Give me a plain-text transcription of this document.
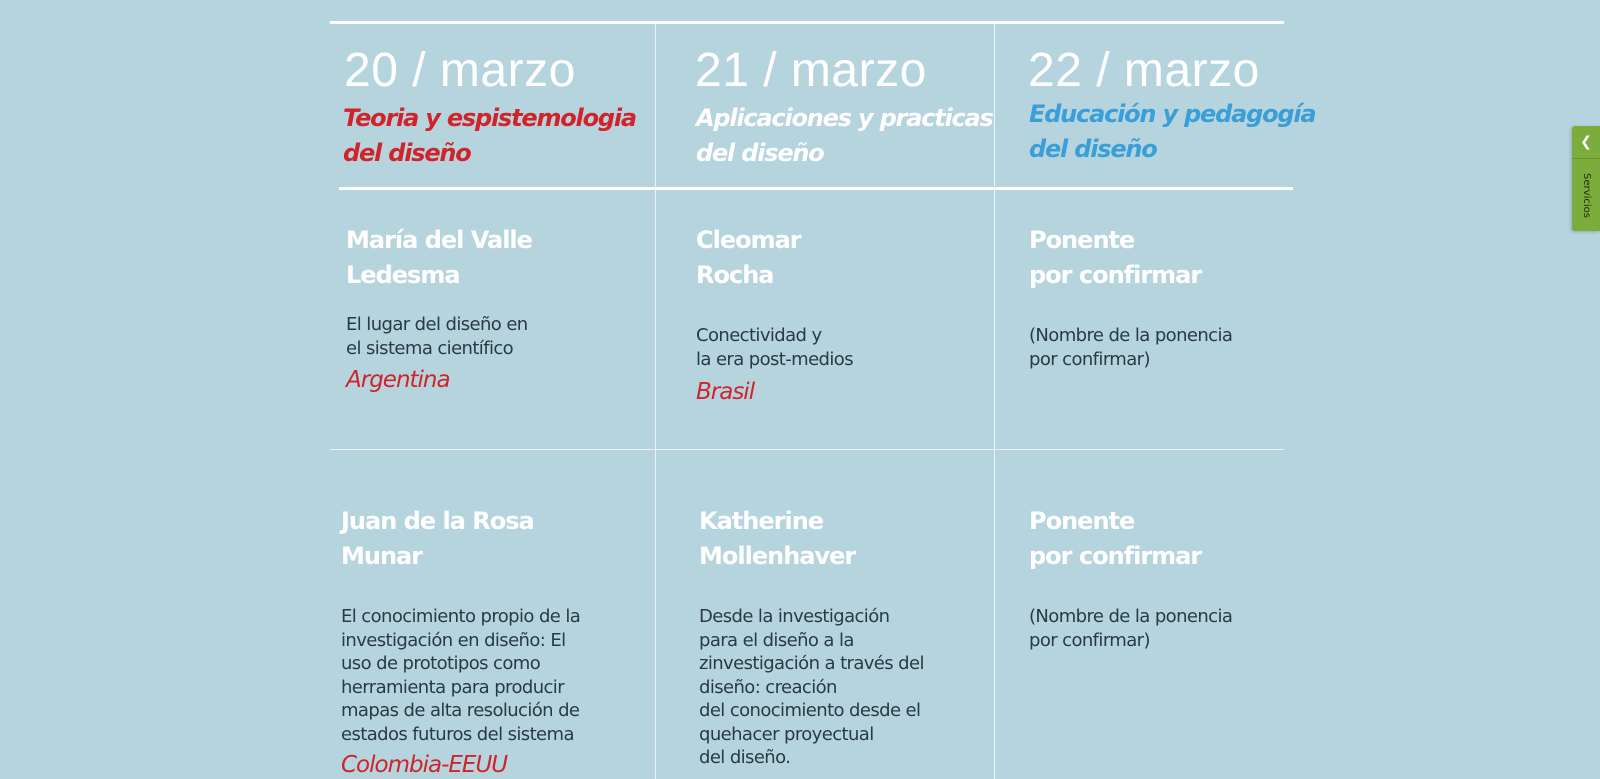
20 / marzo
Teoria y espistemologia
del diseño
21 / marzo
Aplicaciones y practicas
del diseño
22 / marzo
Educación y pedagogía
del diseño
María del Valle
Ledesma
El lugar del diseño en
el sistema científico
Argentina
Cleomar
Rocha
Conectividad y
la era post-medios
Brasil
Ponente
por confirmar
(Nombre de la ponencia
por confirmar)
Juan de la Rosa
Munar
El conocimiento propio de la
investigación en diseño: El
uso de prototipos como
herramienta para producir
mapas de alta resolución de
estados futuros del sistema
Colombia-EEUU
Katherine
Mollenhaver
Desde la investigación
para el diseño a la
zinvestigación a través del
diseño: creación
del conocimiento desde el
quehacer proyectual
del diseño.
Ponente
por confirmar
(Nombre de la ponencia
por confirmar)
❮
Servicios
